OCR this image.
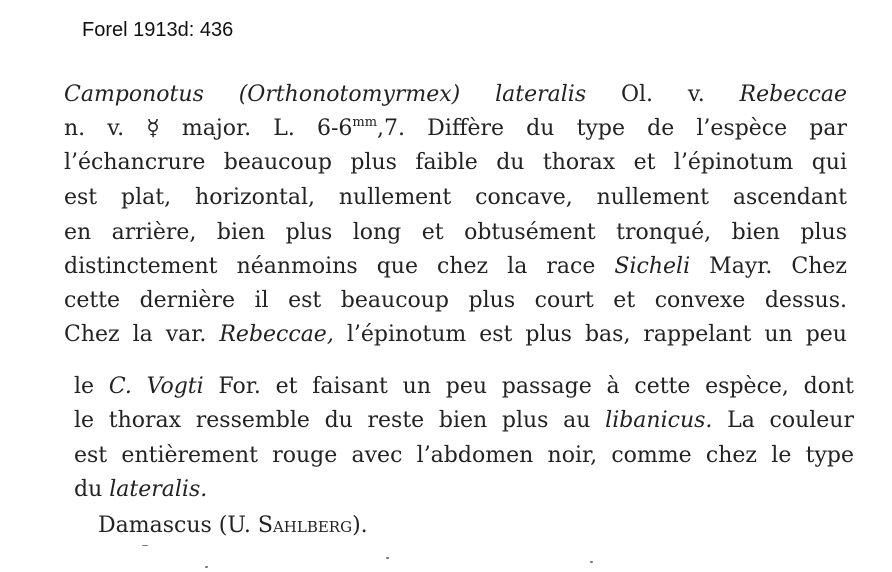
Forel 1913d: 436
Camponotus (Orthonotomyrmex) lateralis Ol. v. Rebeccae
n. v. ☿ major. L. $6-6^{mm},7$. Diffère du type de l’espèce par
l’échancrure beaucoup plus faible du thorax et l’épinotum qui
est plat, horizontal, nullement concave, nullement ascendant
en arrière, bien plus long et obtusément tronqué, bien plus
distinctement néanmoins que chez la race Sicheli Mayr. Chez
cette dernière il est beaucoup plus court et convexe dessus.
Chez la var. Rebeccae, l’épinotum est plus bas, rappelant un peu
le C. Vogti For. et faisant un peu passage à cette espèce, dont
le thorax ressemble du reste bien plus au libanicus. La couleur
est entièrement rouge avec l’abdomen noir, comme chez le type
du lateralis.
Damascus (U. Sahlberg).
